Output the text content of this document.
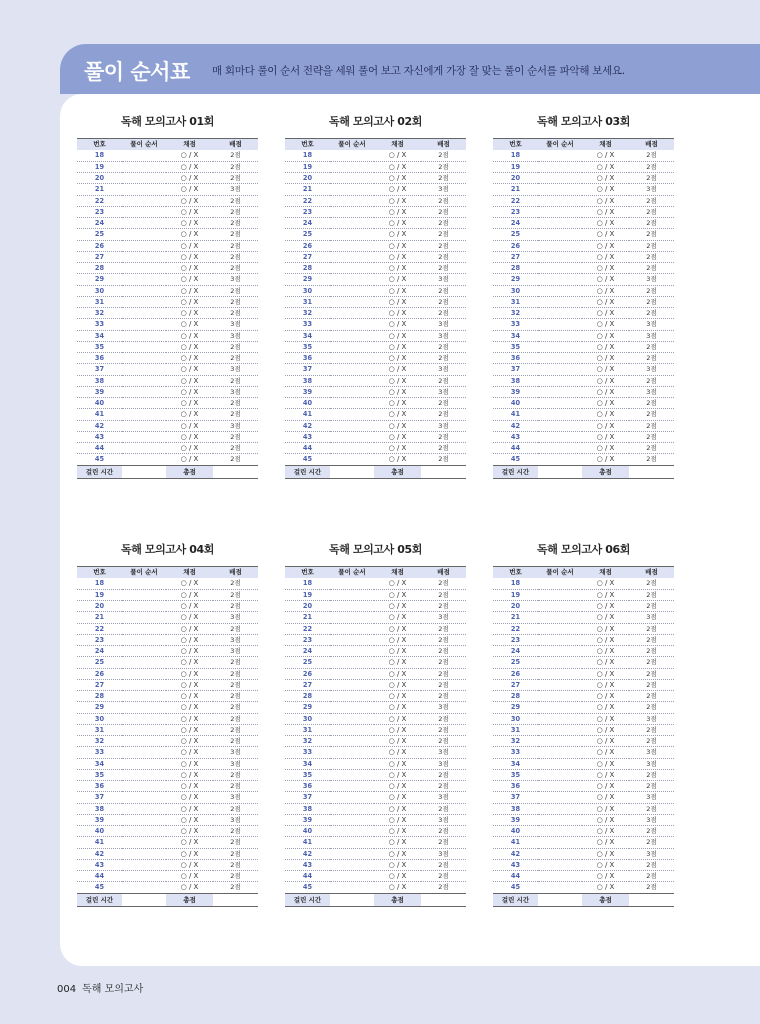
풀이 순서표 매 회마다 풀이 순서 전략을 세워 풀어 보고 자신에게 가장 잘 맞는 풀이 순서를 파악해 보세요.
독해 모의고사 01회
번호	풀이 순서	채점	배점
18		○ / X	2점
19		○ / X	2점
20		○ / X	2점
21		○ / X	3점
22		○ / X	2점
23		○ / X	2점
24		○ / X	2점
25		○ / X	2점
26		○ / X	2점
27		○ / X	2점
28		○ / X	2점
29		○ / X	3점
30		○ / X	2점
31		○ / X	2점
32		○ / X	2점
33		○ / X	3점
34		○ / X	3점
35		○ / X	2점
36		○ / X	2점
37		○ / X	3점
38		○ / X	2점
39		○ / X	3점
40		○ / X	2점
41		○ / X	2점
42		○ / X	3점
43		○ / X	2점
44		○ / X	2점
45		○ / X	2점
걸린 시간		총점	
독해 모의고사 02회
번호	풀이 순서	채점	배점
18		○ / X	2점
19		○ / X	2점
20		○ / X	2점
21		○ / X	3점
22		○ / X	2점
23		○ / X	2점
24		○ / X	2점
25		○ / X	2점
26		○ / X	2점
27		○ / X	2점
28		○ / X	2점
29		○ / X	3점
30		○ / X	2점
31		○ / X	2점
32		○ / X	2점
33		○ / X	3점
34		○ / X	3점
35		○ / X	2점
36		○ / X	2점
37		○ / X	3점
38		○ / X	2점
39		○ / X	3점
40		○ / X	2점
41		○ / X	2점
42		○ / X	3점
43		○ / X	2점
44		○ / X	2점
45		○ / X	2점
걸린 시간		총점	
독해 모의고사 03회
번호	풀이 순서	채점	배점
18		○ / X	2점
19		○ / X	2점
20		○ / X	2점
21		○ / X	3점
22		○ / X	2점
23		○ / X	2점
24		○ / X	2점
25		○ / X	2점
26		○ / X	2점
27		○ / X	2점
28		○ / X	2점
29		○ / X	3점
30		○ / X	2점
31		○ / X	2점
32		○ / X	2점
33		○ / X	3점
34		○ / X	3점
35		○ / X	2점
36		○ / X	2점
37		○ / X	3점
38		○ / X	2점
39		○ / X	3점
40		○ / X	2점
41		○ / X	2점
42		○ / X	2점
43		○ / X	2점
44		○ / X	2점
45		○ / X	2점
걸린 시간		총점	
독해 모의고사 04회
번호	풀이 순서	채점	배점
18		○ / X	2점
19		○ / X	2점
20		○ / X	2점
21		○ / X	3점
22		○ / X	2점
23		○ / X	3점
24		○ / X	3점
25		○ / X	2점
26		○ / X	2점
27		○ / X	2점
28		○ / X	2점
29		○ / X	2점
30		○ / X	2점
31		○ / X	2점
32		○ / X	2점
33		○ / X	3점
34		○ / X	3점
35		○ / X	2점
36		○ / X	2점
37		○ / X	3점
38		○ / X	2점
39		○ / X	3점
40		○ / X	2점
41		○ / X	2점
42		○ / X	2점
43		○ / X	2점
44		○ / X	2점
45		○ / X	2점
걸린 시간		총점	
독해 모의고사 05회
번호	풀이 순서	채점	배점
18		○ / X	2점
19		○ / X	2점
20		○ / X	2점
21		○ / X	3점
22		○ / X	2점
23		○ / X	2점
24		○ / X	2점
25		○ / X	2점
26		○ / X	2점
27		○ / X	2점
28		○ / X	2점
29		○ / X	3점
30		○ / X	2점
31		○ / X	2점
32		○ / X	2점
33		○ / X	3점
34		○ / X	3점
35		○ / X	2점
36		○ / X	2점
37		○ / X	3점
38		○ / X	2점
39		○ / X	3점
40		○ / X	2점
41		○ / X	2점
42		○ / X	3점
43		○ / X	2점
44		○ / X	2점
45		○ / X	2점
걸린 시간		총점	
독해 모의고사 06회
번호	풀이 순서	채점	배점
18		○ / X	2점
19		○ / X	2점
20		○ / X	2점
21		○ / X	3점
22		○ / X	2점
23		○ / X	2점
24		○ / X	2점
25		○ / X	2점
26		○ / X	2점
27		○ / X	2점
28		○ / X	2점
29		○ / X	2점
30		○ / X	3점
31		○ / X	2점
32		○ / X	2점
33		○ / X	3점
34		○ / X	3점
35		○ / X	2점
36		○ / X	2점
37		○ / X	3점
38		○ / X	2점
39		○ / X	3점
40		○ / X	2점
41		○ / X	2점
42		○ / X	3점
43		○ / X	2점
44		○ / X	2점
45		○ / X	2점
걸린 시간		총점	
004 독해 모의고사
